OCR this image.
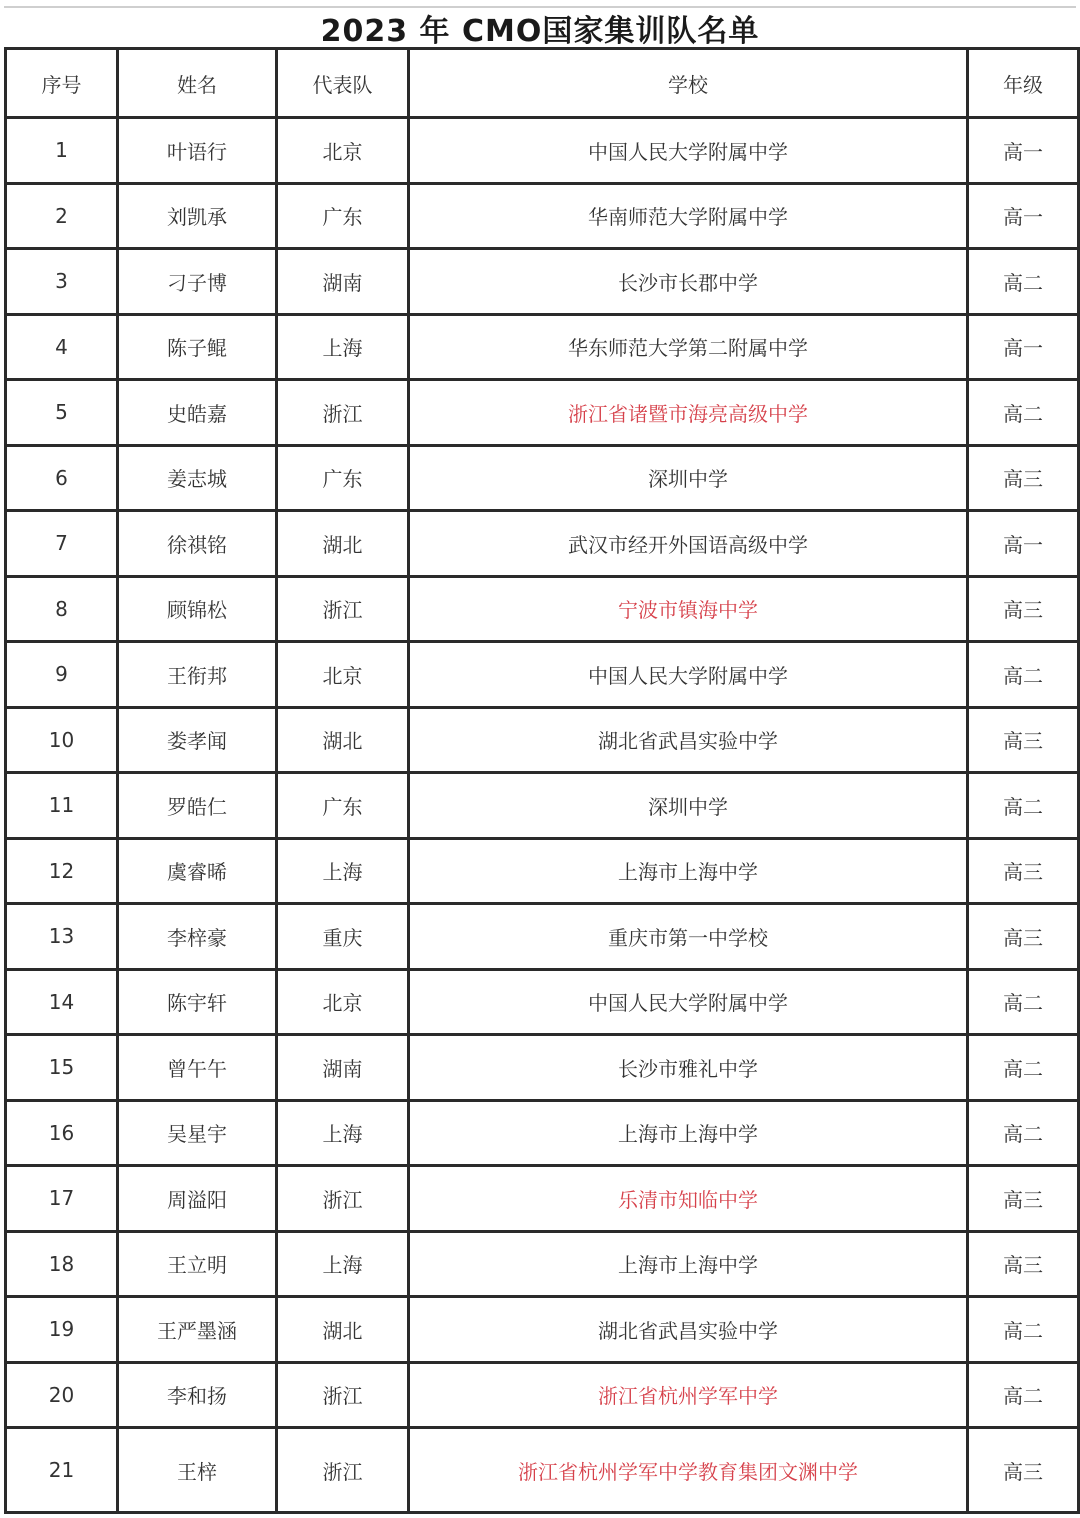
2023 年 CMO国家集训队名单
序号	姓名	代表队	学校	年级
1	叶语行	北京	中国人民大学附属中学	高一
2	刘凯承	广东	华南师范大学附属中学	高一
3	刁子博	湖南	长沙市长郡中学	高二
4	陈子鲲	上海	华东师范大学第二附属中学	高一
5	史皓嘉	浙江	浙江省诸暨市海亮高级中学	高二
6	姜志城	广东	深圳中学	高三
7	徐祺铭	湖北	武汉市经开外国语高级中学	高一
8	顾锦松	浙江	宁波市镇海中学	高三
9	王衔邦	北京	中国人民大学附属中学	高二
10	娄孝闻	湖北	湖北省武昌实验中学	高三
11	罗皓仁	广东	深圳中学	高二
12	虞睿晞	上海	上海市上海中学	高三
13	李梓豪	重庆	重庆市第一中学校	高三
14	陈宇轩	北京	中国人民大学附属中学	高二
15	曾午午	湖南	长沙市雅礼中学	高二
16	吴星宇	上海	上海市上海中学	高二
17	周溢阳	浙江	乐清市知临中学	高三
18	王立明	上海	上海市上海中学	高三
19	王严墨涵	湖北	湖北省武昌实验中学	高二
20	李和扬	浙江	浙江省杭州学军中学	高二
21	王梓	浙江	浙江省杭州学军中学教育集团文渊中学	高三
